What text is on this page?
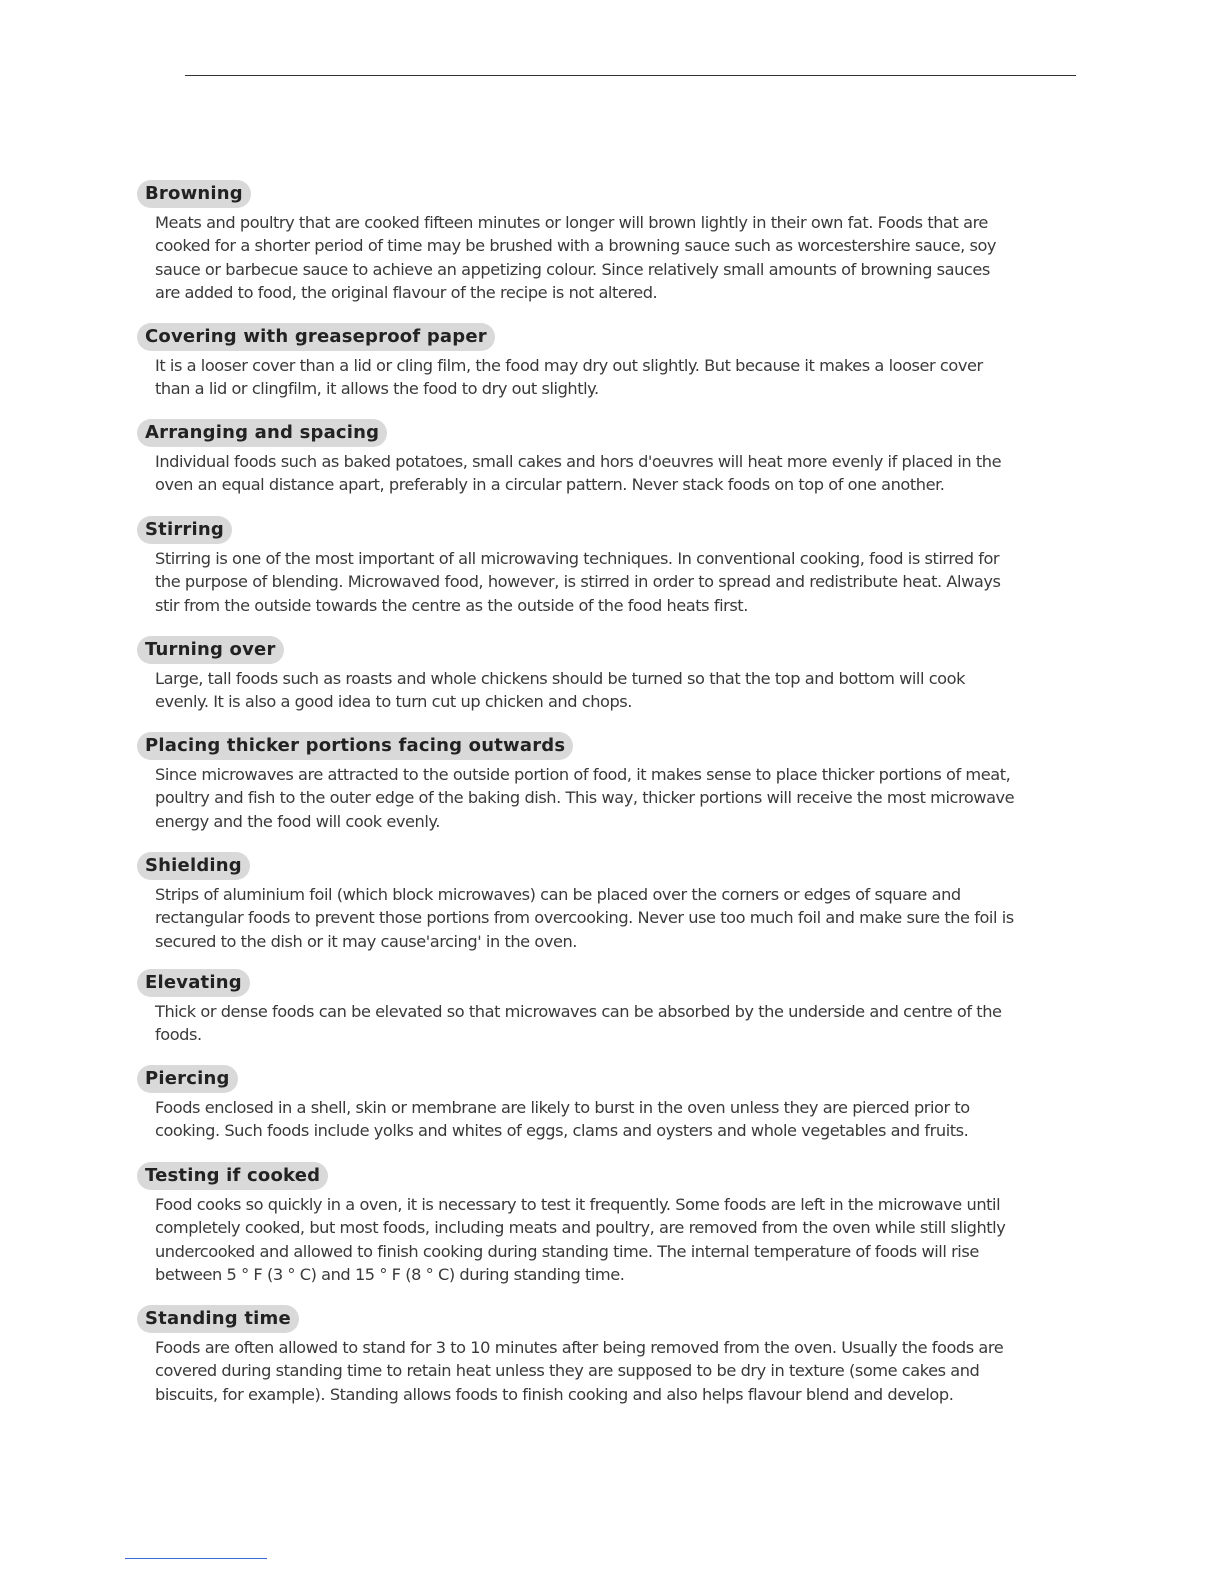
Browning
Meats and poultry that are cooked fifteen minutes or longer will brown lightly in their own fat. Foods that are cooked for a shorter period of time may be brushed with a browning sauce such as worcestershire sauce, soy sauce or barbecue sauce to achieve an appetizing colour. Since relatively small amounts of browning sauces are added to food, the original flavour of the recipe is not altered.
Covering with greaseproof paper
It is a looser cover than a lid or cling film, the food may dry out slightly. But because it makes a looser cover than a lid or clingfilm, it allows the food to dry out slightly.
Arranging and spacing
Individual foods such as baked potatoes, small cakes and hors d'oeuvres will heat more evenly if placed in the oven an equal distance apart, preferably in a circular pattern. Never stack foods on top of one another.
Stirring
Stirring is one of the most important of all microwaving techniques. In conventional cooking, food is stirred for the purpose of blending. Microwaved food, however, is stirred in order to spread and redistribute heat. Always stir from the outside towards the centre as the outside of the food heats first.
Turning over
Large, tall foods such as roasts and whole chickens should be turned so that the top and bottom will cook evenly. It is also a good idea to turn cut up chicken and chops.
Placing thicker portions facing outwards
Since microwaves are attracted to the outside portion of food, it makes sense to place thicker portions of meat, poultry and fish to the outer edge of the baking dish. This way, thicker portions will receive the most microwave energy and the food will cook evenly.
Shielding
Strips of aluminium foil (which block microwaves) can be placed over the corners or edges of square and rectangular foods to prevent those portions from overcooking. Never use too much foil and make sure the foil is secured to the dish or it may cause'arcing' in the oven.
Elevating
Thick or dense foods can be elevated so that microwaves can be absorbed by the underside and centre of the foods.
Piercing
Foods enclosed in a shell, skin or membrane are likely to burst in the oven unless they are pierced prior to cooking. Such foods include yolks and whites of eggs, clams and oysters and whole vegetables and fruits.
Testing if cooked
Food cooks so quickly in a oven, it is necessary to test it frequently. Some foods are left in the microwave until completely cooked, but most foods, including meats and poultry, are removed from the oven while still slightly undercooked and allowed to finish cooking during standing time. The internal temperature of foods will rise between 5 ° F (3 ° C) and 15 ° F (8 ° C) during standing time.
Standing time
Foods are often allowed to stand for 3 to 10 minutes after being removed from the oven. Usually the foods are covered during standing time to retain heat unless they are supposed to be dry in texture (some cakes and biscuits, for example). Standing allows foods to finish cooking and also helps flavour blend and develop.
